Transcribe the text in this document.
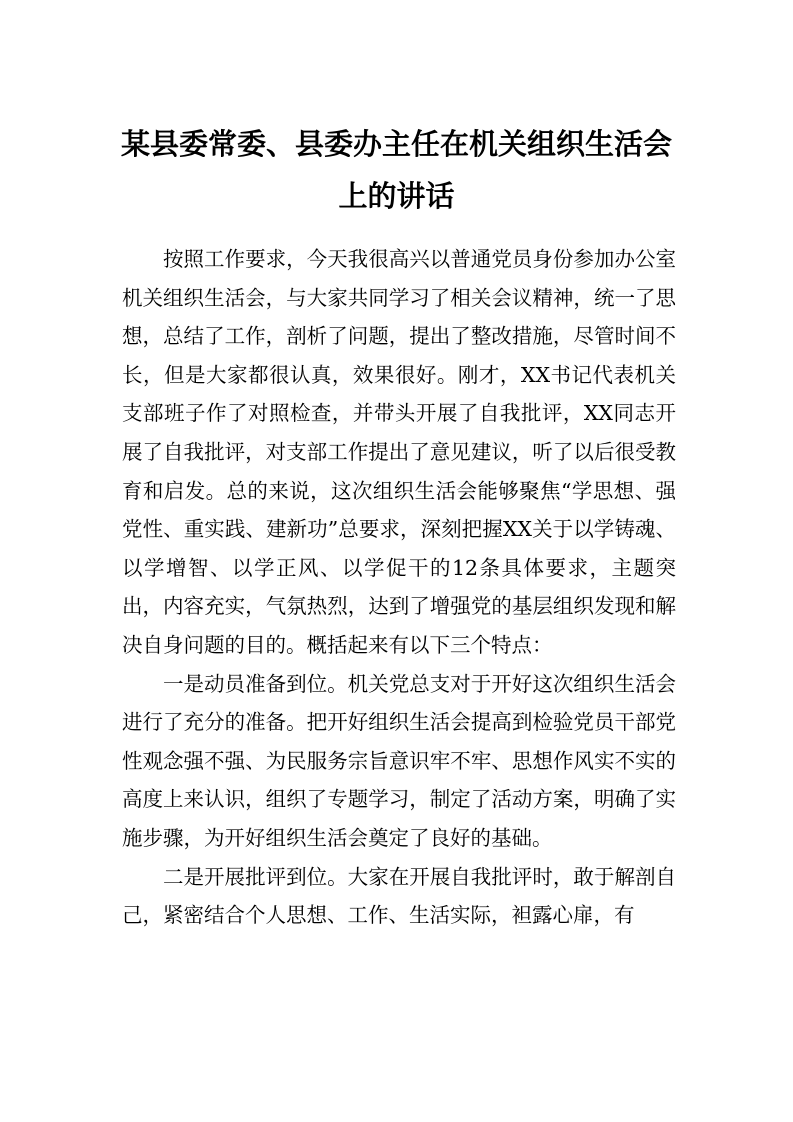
某县委常委、县委办主任在机关组织生活会上的讲话

按照工作要求，今天我很高兴以普通党员身份参加办公室机关组织生活会，与大家共同学习了相关会议精神，统一了思想，总结了工作，剖析了问题，提出了整改措施，尽管时间不长，但是大家都很认真，效果很好。刚才，XX书记代表机关支部班子作了对照检查，并带头开展了自我批评，XX同志开展了自我批评，对支部工作提出了意见建议，听了以后很受教育和启发。总的来说，这次组织生活会能够聚焦“学思想、强党性、重实践、建新功”总要求，深刻把握XX关于以学铸魂、以学增智、以学正风、以学促干的12条具体要求，主题突出，内容充实，气氛热烈，达到了增强党的基层组织发现和解决自身问题的目的。概括起来有以下三个特点：

一是动员准备到位。机关党总支对于开好这次组织生活会进行了充分的准备。把开好组织生活会提高到检验党员干部党性观念强不强、为民服务宗旨意识牢不牢、思想作风实不实的高度上来认识，组织了专题学习，制定了活动方案，明确了实施步骤，为开好组织生活会奠定了良好的基础。

二是开展批评到位。大家在开展自我批评时，敢于解剖自己，紧密结合个人思想、工作、生活实际，袒露心扉，有
